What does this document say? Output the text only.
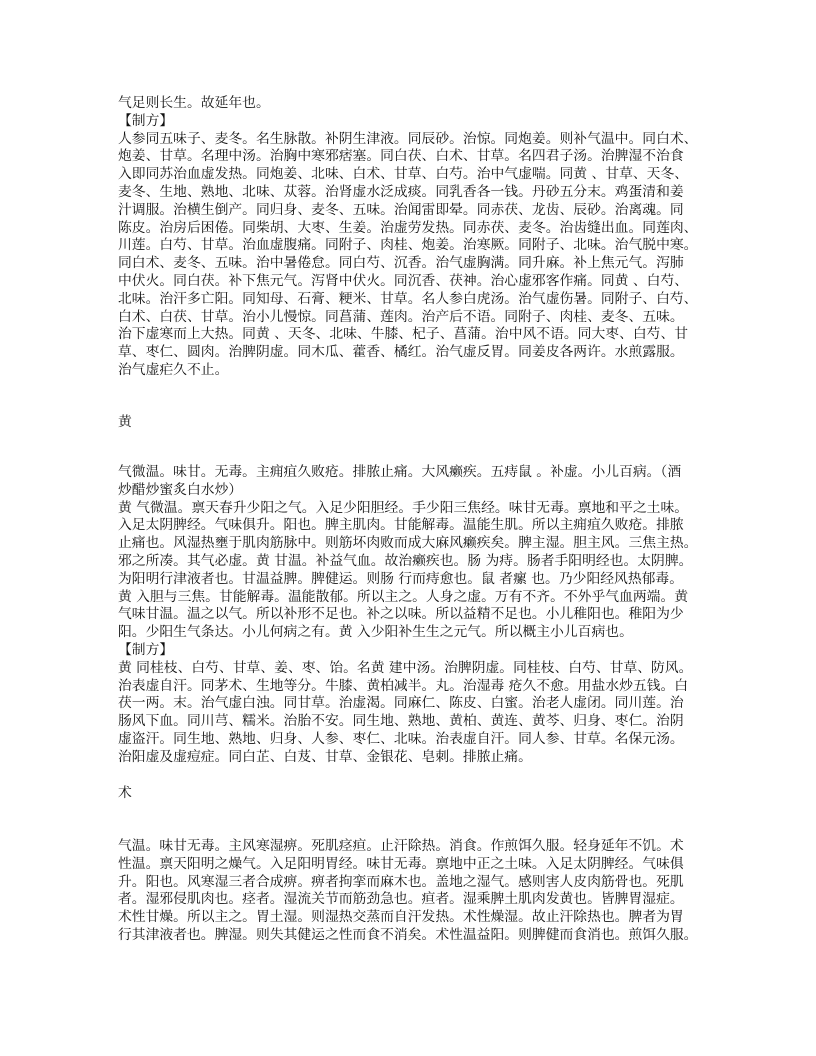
气足则长生。故延年也。
【制方】
人参同五味子、麦冬。名生脉散。补阴生津液。同辰砂。治惊。同炮姜。则补气温中。同白术、
炮姜、甘草。名理中汤。治胸中寒邪痞塞。同白茯、白术、甘草。名四君子汤。治脾湿不治食
入即同苏治血虚发热。同炮姜、北味、白术、甘草、白芍。治中气虚喘。同黄 、甘草、天冬、
麦冬、生地、熟地、北味、苁蓉。治肾虚水泛成痰。同乳香各一钱。丹砂五分末。鸡蛋清和姜
汁调服。治横生倒产。同归身、麦冬、五味。治闻雷即晕。同赤茯、龙齿、辰砂。治离魂。同
陈皮。治房后困倦。同柴胡、大枣、生姜。治虚劳发热。同赤茯、麦冬。治齿缝出血。同莲肉、
川莲。白芍、甘草。治血虚腹痛。同附子、肉桂、炮姜。治寒厥。同附子、北味。治气脱中寒。
同白术、麦冬、五味。治中暑倦怠。同白芍、沉香。治气虚胸满。同升麻。补上焦元气。泻肺
中伏火。同白茯。补下焦元气。泻肾中伏火。同沉香、茯神。治心虚邪客作痛。同黄 、白芍、
北味。治汗多亡阳。同知母、石膏、粳米、甘草。名人参白虎汤。治气虚伤暑。同附子、白芍、
白术、白茯、甘草。治小儿慢惊。同菖蒲、莲肉。治产后不语。同附子、肉桂、麦冬、五味。
治下虚寒而上大热。同黄 、天冬、北味、牛膝、杞子、菖蒲。治中风不语。同大枣、白芍、甘
草、枣仁、圆肉。治脾阴虚。同木瓜、藿香、橘红。治气虚反胃。同姜皮各两许。水煎露服。
治气虚疟久不止。
黄
气微温。味甘。无毒。主痈疽久败疮。排脓止痛。大风癞疾。五痔鼠 。补虚。小儿百病。（酒
炒醋炒蜜炙白水炒）
黄 气微温。禀天春升少阳之气。入足少阳胆经。手少阳三焦经。味甘无毒。禀地和平之土味。
入足太阴脾经。气味俱升。阳也。脾主肌肉。甘能解毒。温能生肌。所以主痈疽久败疮。排脓
止痛也。风湿热壅于肌肉筋脉中。则筋坏肉败而成大麻风癞疾矣。脾主湿。胆主风。三焦主热。
邪之所凑。其气必虚。黄 甘温。补益气血。故治癞疾也。肠 为痔。肠者手阳明经也。太阴脾。
为阳明行津液者也。甘温益脾。脾健运。则肠 行而痔愈也。鼠 者瘰 也。乃少阳经风热郁毒。
黄 入胆与三焦。甘能解毒。温能散郁。所以主之。人身之虚。万有不齐。不外乎气血两端。黄
气味甘温。温之以气。所以补形不足也。补之以味。所以益精不足也。小儿稚阳也。稚阳为少
阳。少阳生气条达。小儿何病之有。黄 入少阳补生生之元气。所以概主小儿百病也。
【制方】
黄 同桂枝、白芍、甘草、姜、枣、饴。名黄 建中汤。治脾阴虚。同桂枝、白芍、甘草、防风。
治表虚自汗。同茅术、生地等分。牛膝、黄柏减半。丸。治湿毒 疮久不愈。用盐水炒五钱。白
茯一两。末。治气虚白浊。同甘草。治虚渴。同麻仁、陈皮、白蜜。治老人虚闭。同川莲。治
肠风下血。同川芎、糯米。治胎不安。同生地、熟地、黄柏、黄连、黄芩、归身、枣仁。治阴
虚盗汗。同生地、熟地、归身、人参、枣仁、北味。治表虚自汗。同人参、甘草。名保元汤。
治阳虚及虚痘症。同白芷、白芨、甘草、金银花、皂刺。排脓止痛。
术
气温。味甘无毒。主风寒湿痹。死肌痉疸。止汗除热。消食。作煎饵久服。轻身延年不饥。术
性温。禀天阳明之燥气。入足阳明胃经。味甘无毒。禀地中正之土味。入足太阴脾经。气味俱
升。阳也。风寒湿三者合成痹。痹者拘挛而麻木也。盖地之湿气。感则害人皮肉筋骨也。死肌
者。湿邪侵肌肉也。痉者。湿流关节而筋劲急也。疸者。湿乘脾土肌肉发黄也。皆脾胃湿症。
术性甘燥。所以主之。胃土湿。则湿热交蒸而自汗发热。术性燥湿。故止汗除热也。脾者为胃
行其津液者也。脾湿。则失其健运之性而食不消矣。术性温益阳。则脾健而食消也。煎饵久服。
